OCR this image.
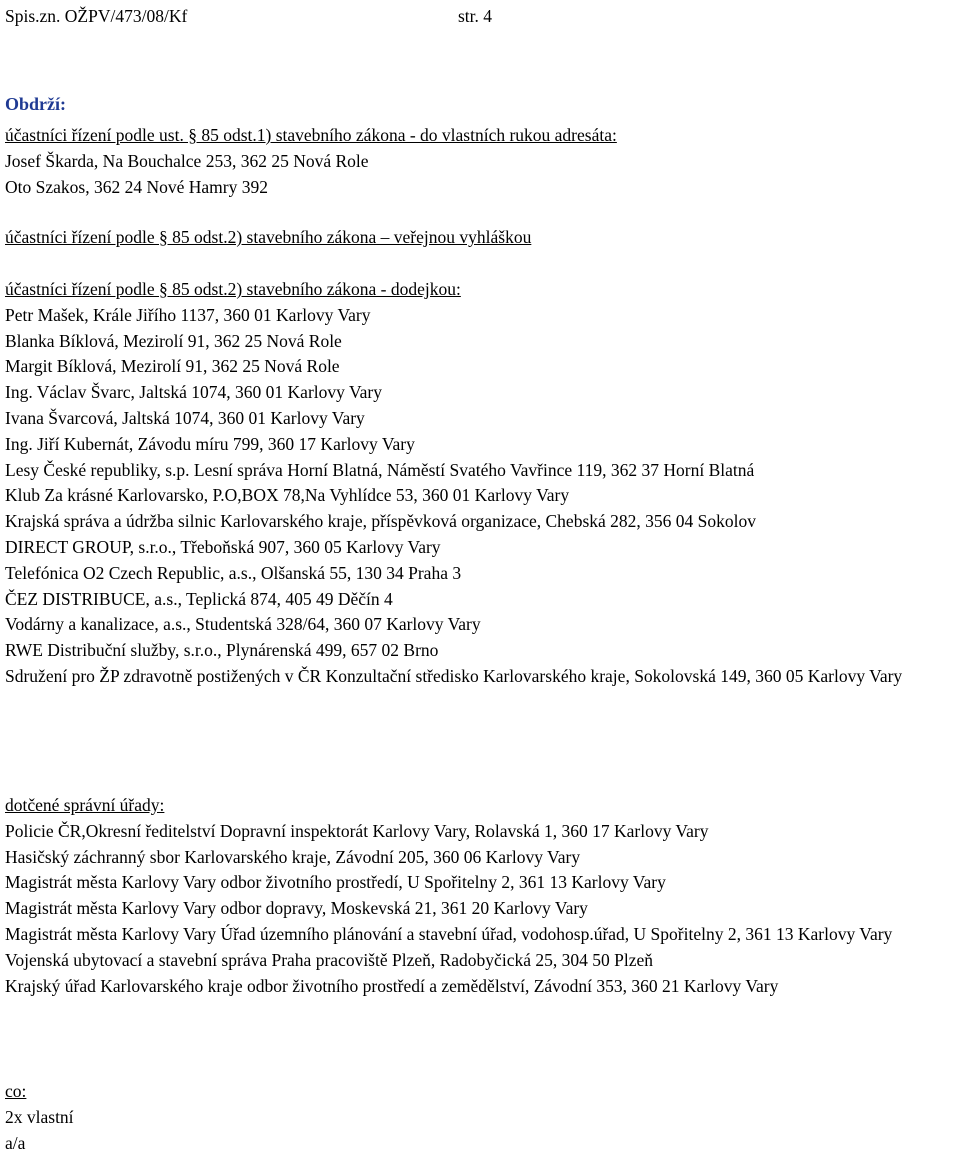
Spis.zn. OŽPV/473/08/Kf	str. 4
Obdrží:
účastníci řízení podle ust. § 85 odst.1) stavebního zákona - do vlastních rukou adresáta:
Josef Škarda, Na Bouchalce 253, 362 25 Nová Role
Oto Szakos, 362 24 Nové Hamry 392
účastníci řízení podle § 85 odst.2) stavebního zákona – veřejnou vyhláškou
účastníci řízení podle § 85 odst.2) stavebního zákona - dodejkou:
Petr Mašek, Krále Jiřího 1137, 360 01 Karlovy Vary
Blanka Bíklová, Mezirolí 91, 362 25 Nová Role
Margit Bíklová, Mezirolí 91, 362 25 Nová Role
Ing. Václav Švarc, Jaltská 1074, 360 01 Karlovy Vary
Ivana Švarcová, Jaltská 1074, 360 01 Karlovy Vary
Ing. Jiří Kubernát, Závodu míru 799, 360 17 Karlovy Vary
Lesy České republiky, s.p. Lesní správa Horní Blatná, Náměstí Svatého Vavřince 119, 362 37 Horní Blatná
Klub Za krásné Karlovarsko, P.O,BOX 78,Na Vyhlídce 53, 360 01 Karlovy Vary
Krajská správa a údržba silnic Karlovarského kraje, příspěvková organizace, Chebská 282, 356 04 Sokolov
DIRECT GROUP, s.r.o., Třeboňská 907, 360 05 Karlovy Vary
Telefónica O2 Czech Republic, a.s., Olšanská 55, 130 34 Praha 3
ČEZ DISTRIBUCE, a.s., Teplická 874, 405 49 Děčín 4
Vodárny a kanalizace, a.s., Studentská 328/64, 360 07 Karlovy Vary
RWE Distribuční služby, s.r.o., Plynárenská 499, 657 02 Brno
Sdružení pro ŽP zdravotně postižených v ČR Konzultační středisko Karlovarského kraje, Sokolovská 149, 360 05 Karlovy Vary
dotčené správní úřady:
Policie ČR,Okresní ředitelství Dopravní inspektorát Karlovy Vary, Rolavská 1, 360 17 Karlovy Vary
Hasičský záchranný sbor Karlovarského kraje, Závodní 205, 360 06 Karlovy Vary
Magistrát města Karlovy Vary odbor životního prostředí, U Spořitelny 2, 361 13 Karlovy Vary
Magistrát města Karlovy Vary odbor dopravy, Moskevská 21, 361 20 Karlovy Vary
Magistrát města Karlovy Vary Úřad územního plánování a stavební úřad, vodohosp.úřad, U Spořitelny 2, 361 13 Karlovy Vary
Vojenská ubytovací a stavební správa Praha pracoviště Plzeň, Radobyčická 25, 304 50 Plzeň
Krajský úřad Karlovarského kraje odbor životního prostředí a zemědělství, Závodní 353, 360 21 Karlovy Vary
co:
2x vlastní
a/a
